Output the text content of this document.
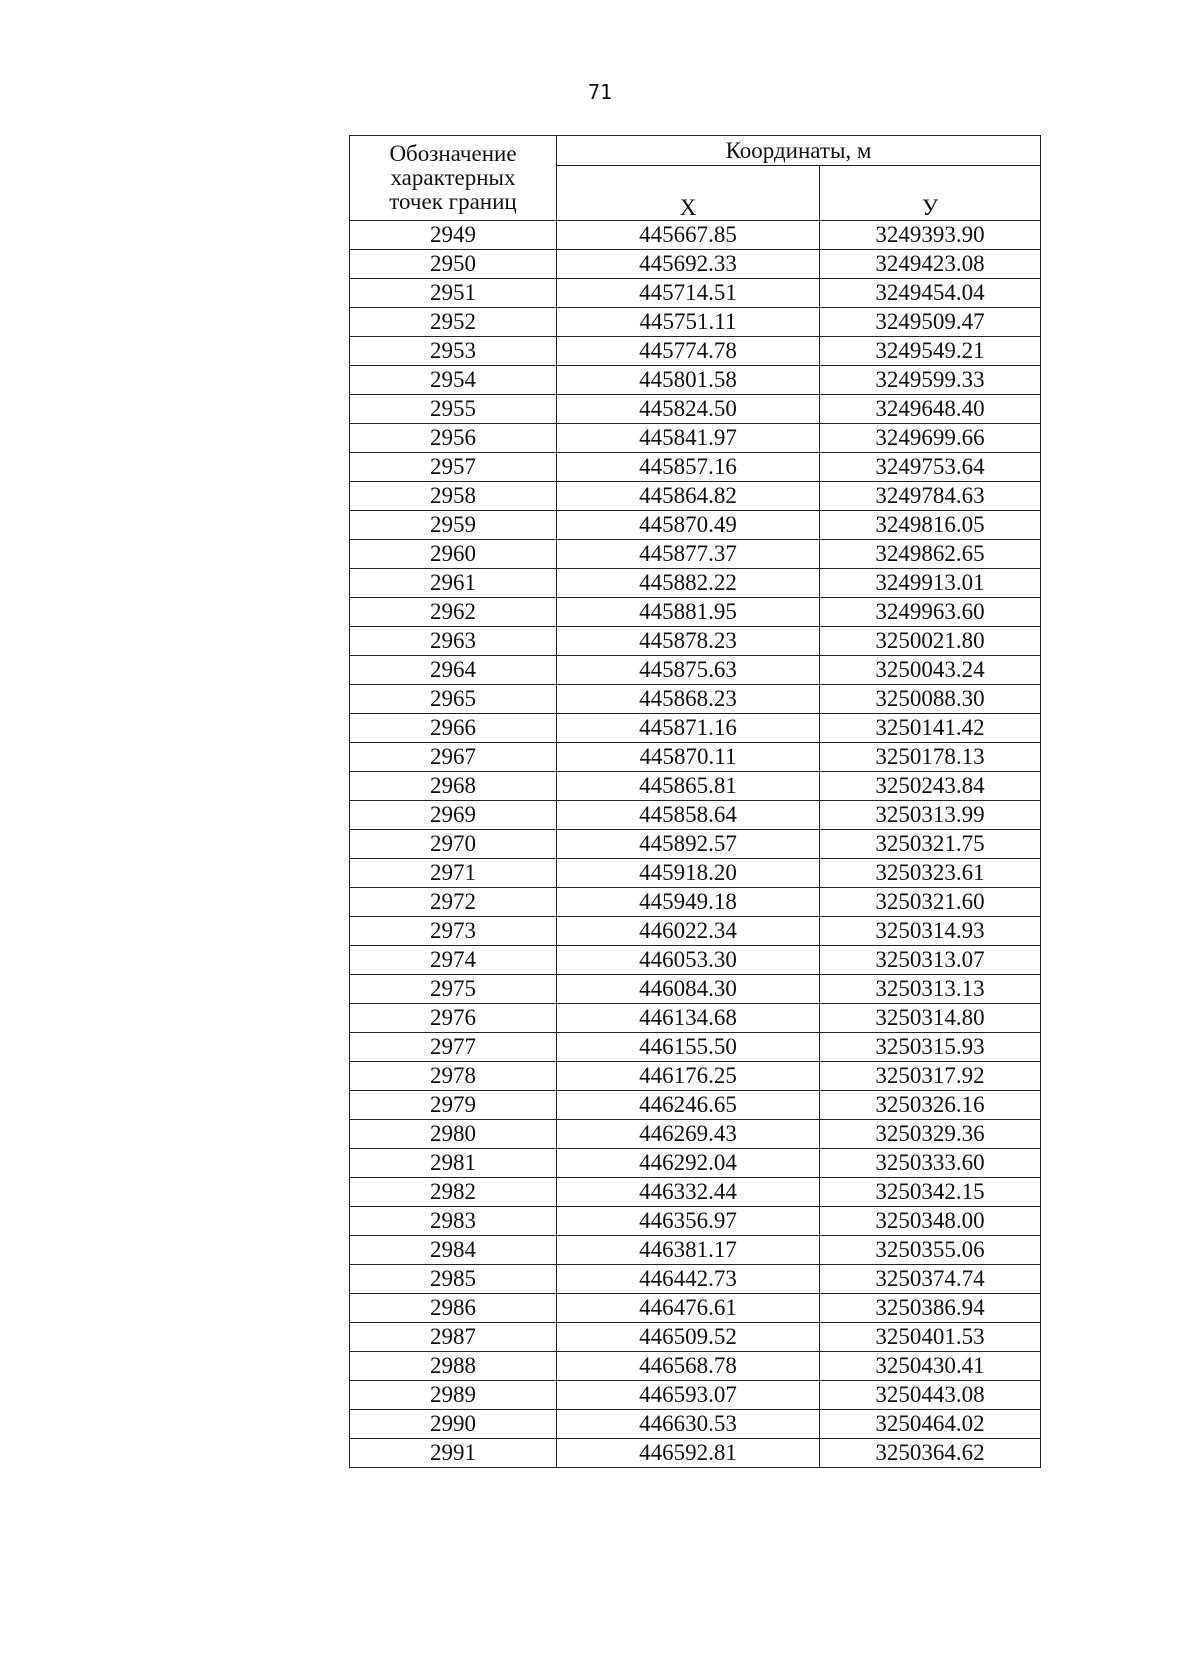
71
Обозначение
характерных
точек границ	Координаты, м	
	X	У
2949	445667.85	3249393.90
2950	445692.33	3249423.08
2951	445714.51	3249454.04
2952	445751.11	3249509.47
2953	445774.78	3249549.21
2954	445801.58	3249599.33
2955	445824.50	3249648.40
2956	445841.97	3249699.66
2957	445857.16	3249753.64
2958	445864.82	3249784.63
2959	445870.49	3249816.05
2960	445877.37	3249862.65
2961	445882.22	3249913.01
2962	445881.95	3249963.60
2963	445878.23	3250021.80
2964	445875.63	3250043.24
2965	445868.23	3250088.30
2966	445871.16	3250141.42
2967	445870.11	3250178.13
2968	445865.81	3250243.84
2969	445858.64	3250313.99
2970	445892.57	3250321.75
2971	445918.20	3250323.61
2972	445949.18	3250321.60
2973	446022.34	3250314.93
2974	446053.30	3250313.07
2975	446084.30	3250313.13
2976	446134.68	3250314.80
2977	446155.50	3250315.93
2978	446176.25	3250317.92
2979	446246.65	3250326.16
2980	446269.43	3250329.36
2981	446292.04	3250333.60
2982	446332.44	3250342.15
2983	446356.97	3250348.00
2984	446381.17	3250355.06
2985	446442.73	3250374.74
2986	446476.61	3250386.94
2987	446509.52	3250401.53
2988	446568.78	3250430.41
2989	446593.07	3250443.08
2990	446630.53	3250464.02
2991	446592.81	3250364.62
